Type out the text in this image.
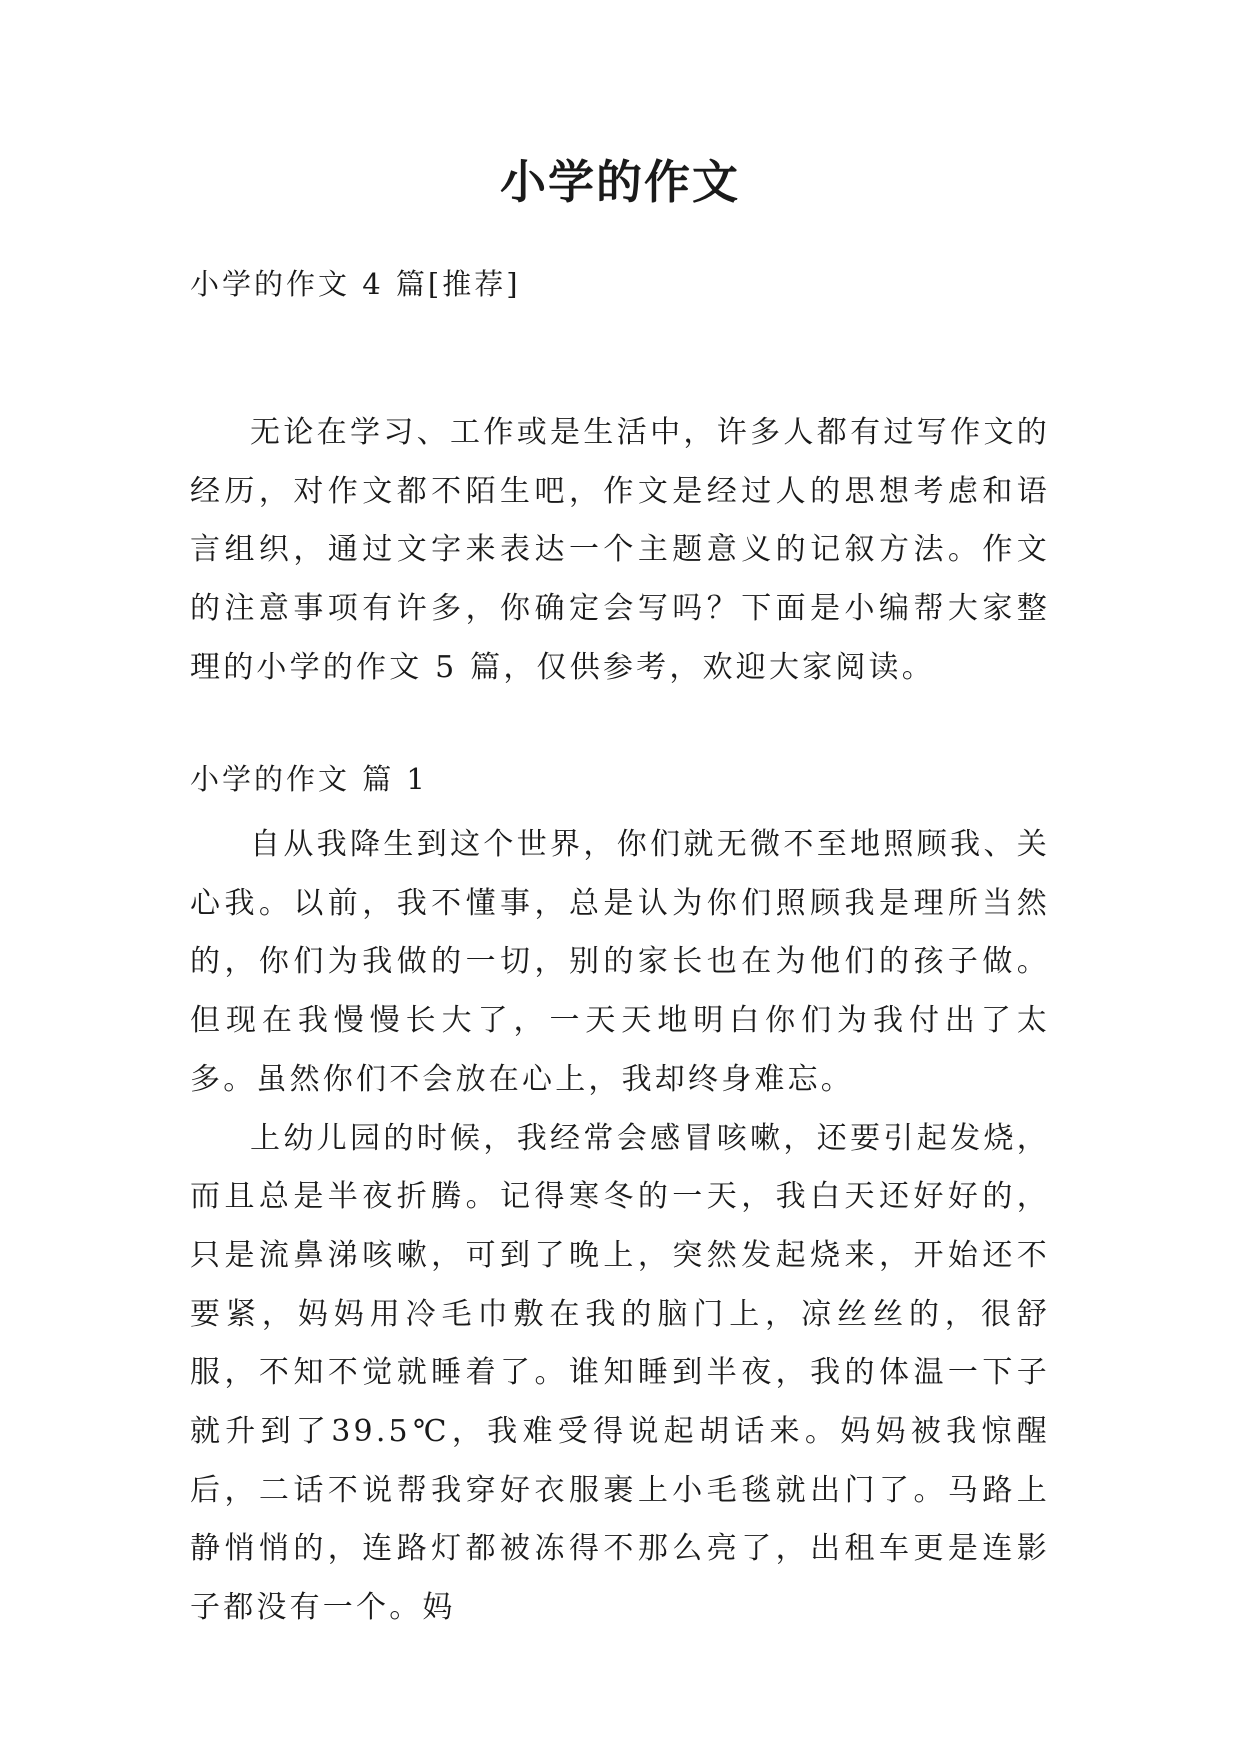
小学的作文
小学的作文 4 篇[推荐]

无论在学习、工作或是生活中，许多人都有过写作文的经历，对作文都不陌生吧，作文是经过人的思想考虑和语言组织，通过文字来表达一个主题意义的记叙方法。作文的注意事项有许多，你确定会写吗？下面是小编帮大家整理的小学的作文 5 篇，仅供参考，欢迎大家阅读。

小学的作文 篇 1

自从我降生到这个世界，你们就无微不至地照顾我、关心我。以前，我不懂事，总是认为你们照顾我是理所当然的，你们为我做的一切，别的家长也在为他们的孩子做。但现在我慢慢长大了，一天天地明白你们为我付出了太多。虽然你们不会放在心上，我却终身难忘。

上幼儿园的时候，我经常会感冒咳嗽，还要引起发烧，而且总是半夜折腾。记得寒冬的一天，我白天还好好的，只是流鼻涕咳嗽，可到了晚上，突然发起烧来，开始还不要紧，妈妈用冷毛巾敷在我的脑门上，凉丝丝的，很舒服，不知不觉就睡着了。谁知睡到半夜，我的体温一下子就升到了39.5℃，我难受得说起胡话来。妈妈被我惊醒后，二话不说帮我穿好衣服裹上小毛毯就出门了。马路上静悄悄的，连路灯都被冻得不那么亮了，出租车更是连影子都没有一个。妈
